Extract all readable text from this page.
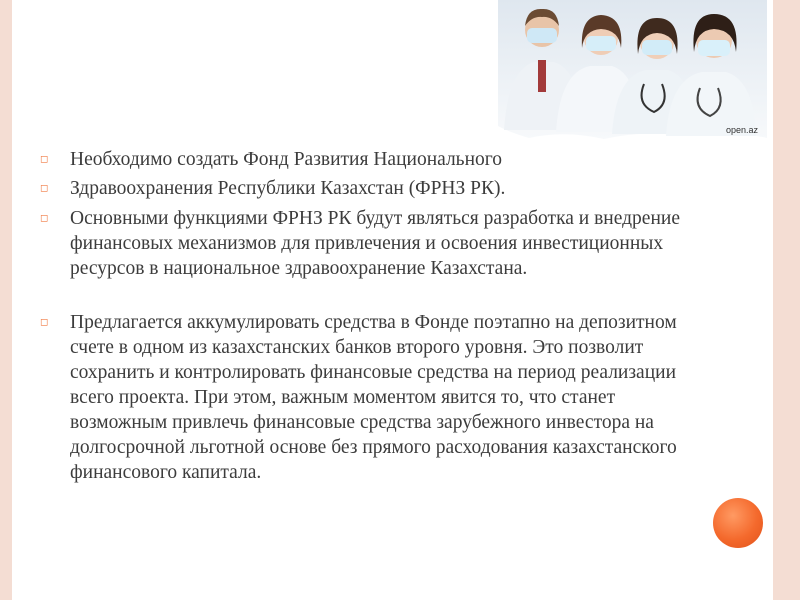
open.az
◻ Необходимо создать Фонд Развития Национального
◻ Здравоохранения Республики Казахстан (ФРНЗ РК).
◻ Основными функциями ФРНЗ РК будут являться разработка и внедрение финансовых механизмов для привлечения и освоения инвестиционных ресурсов в национальное здравоохранение Казахстана.
◻ Предлагается аккумулировать средства в Фонде поэтапно на депозитном счете в одном из казахстанских банков второго уровня. Это позволит сохранить и контролировать финансовые средства на период реализации всего проекта. При этом, важным моментом явится то, что станет возможным привлечь финансовые средства зарубежного инвестора на долгосрочной льготной основе без прямого расходования казахстанского финансового капитала.
